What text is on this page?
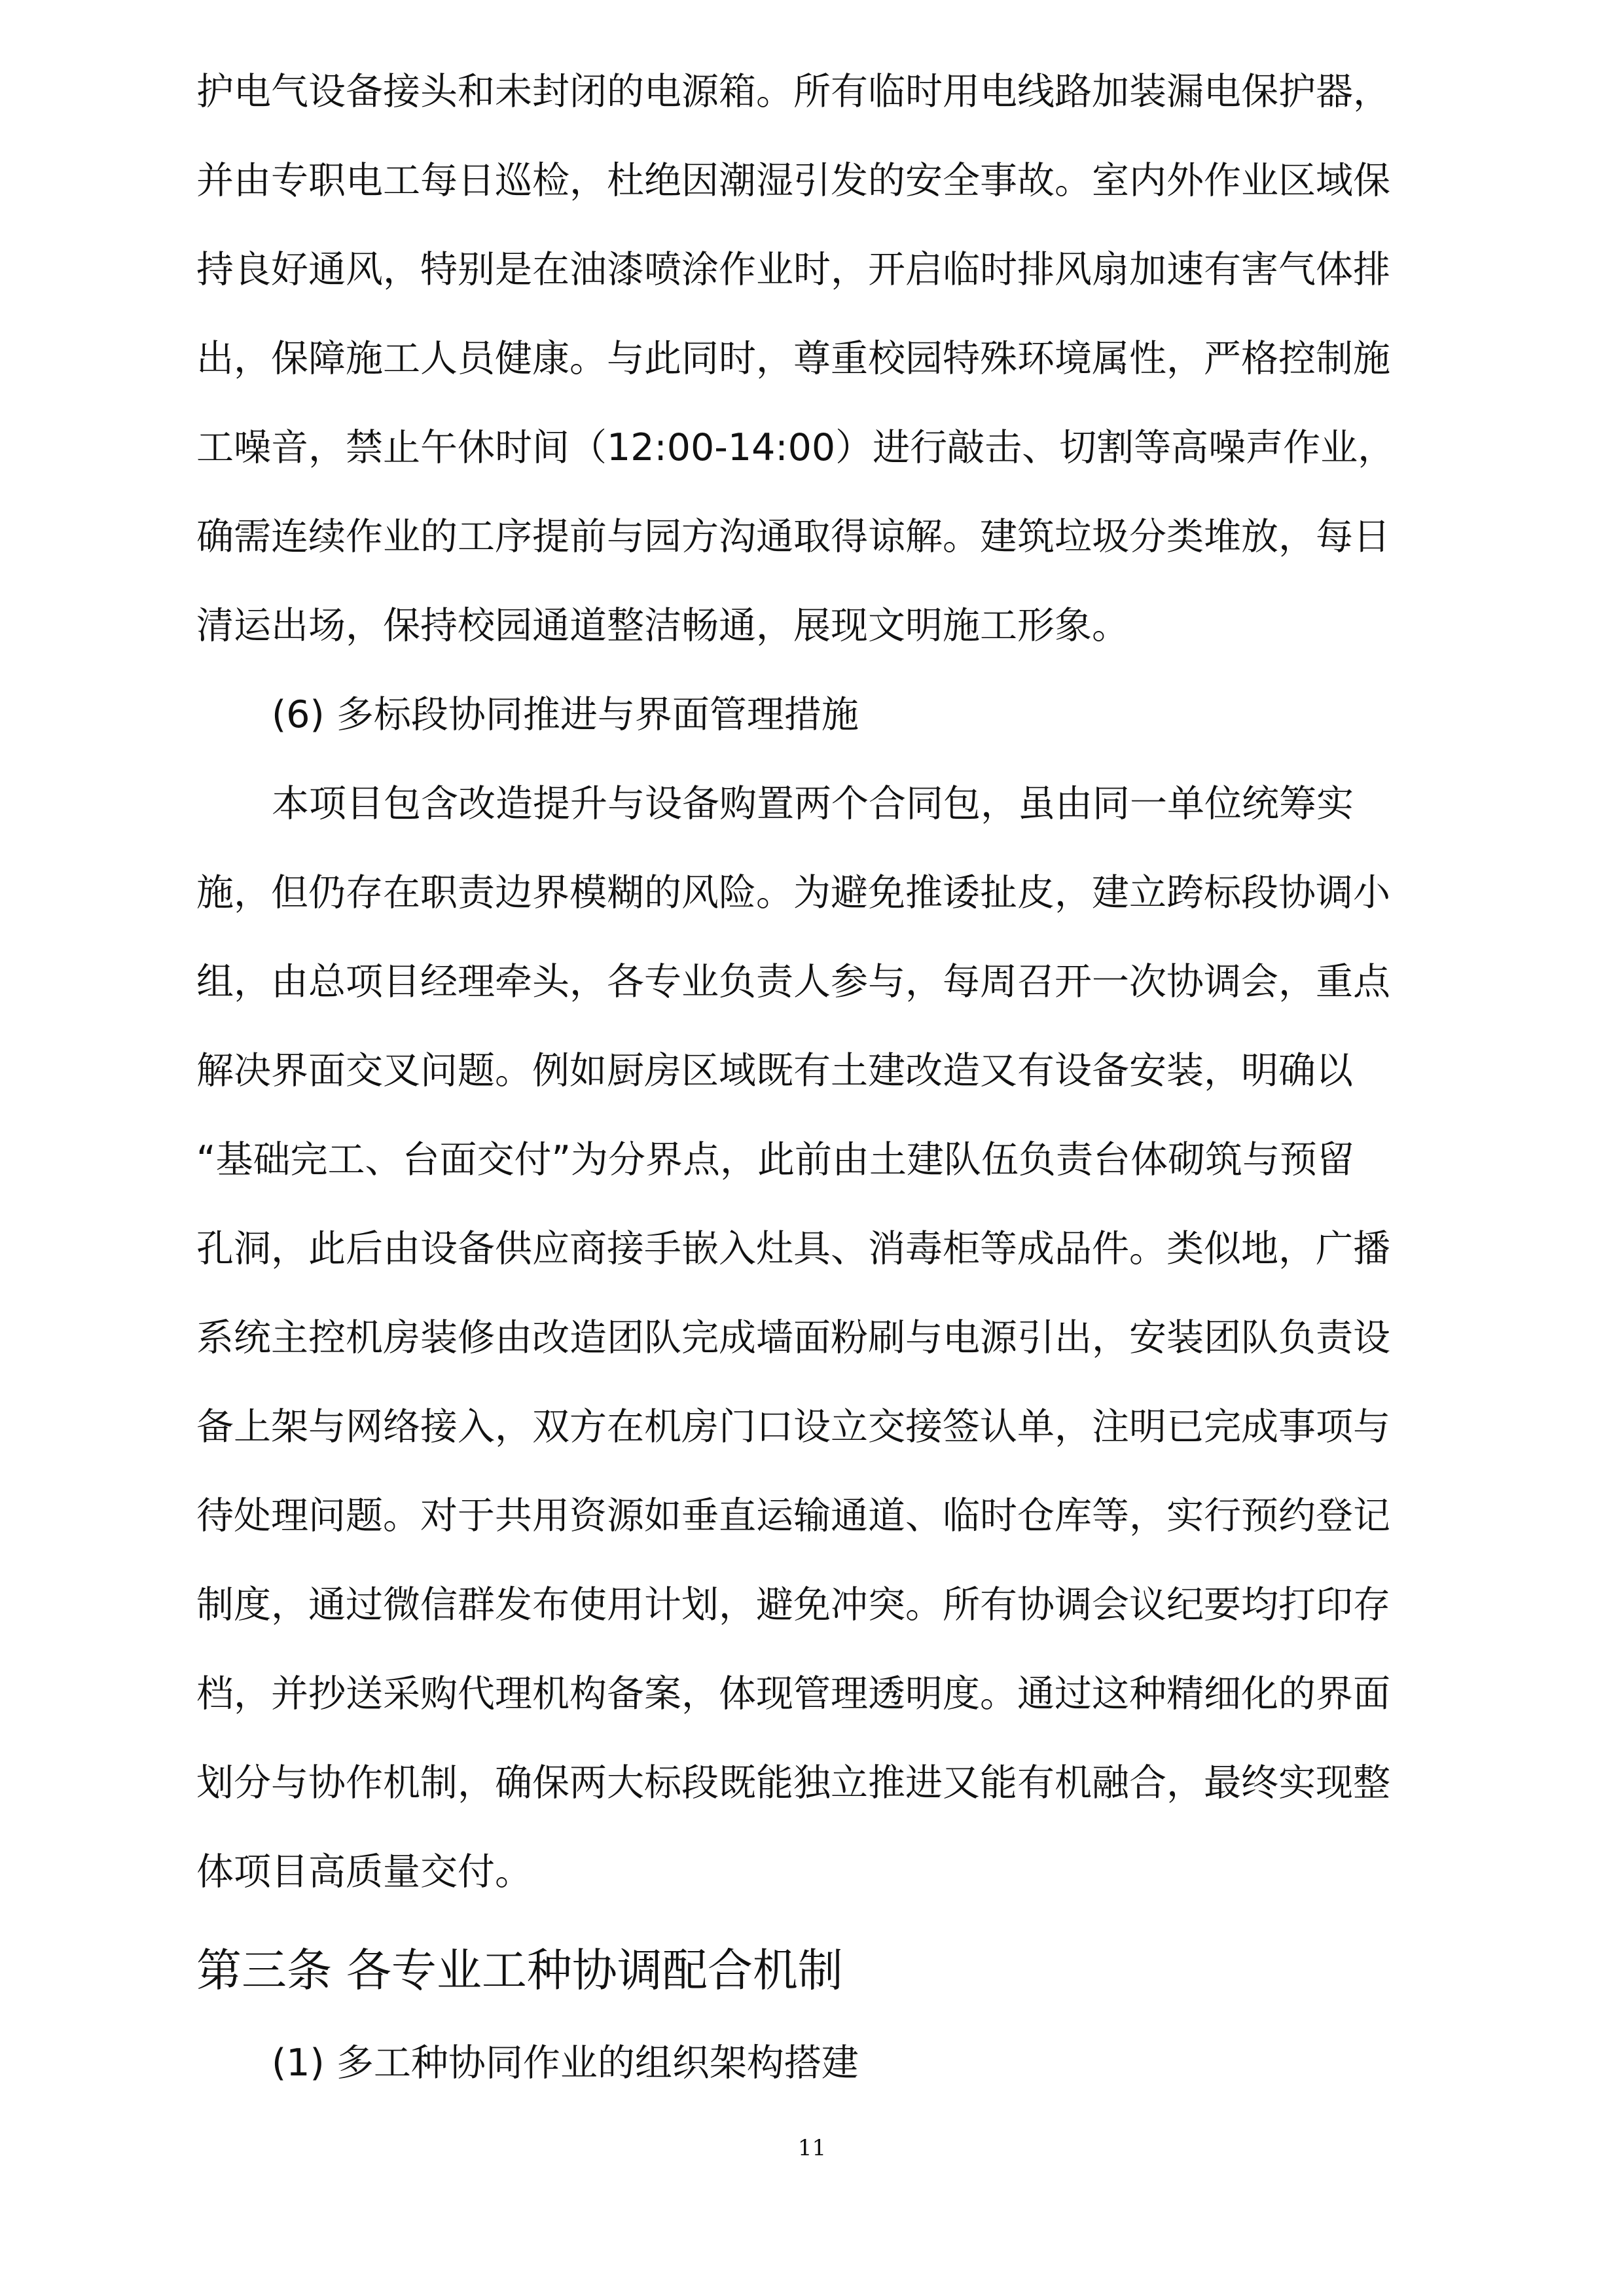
护电气设备接头和未封闭的电源箱。所有临时用电线路加装漏电保护器，

并由专职电工每日巡检，杜绝因潮湿引发的安全事故。室内外作业区域保

持良好通风，特别是在油漆喷涂作业时，开启临时排风扇加速有害气体排

出，保障施工人员健康。与此同时，尊重校园特殊环境属性，严格控制施

工噪音，禁止午休时间（12:00-14:00）进行敲击、切割等高噪声作业，

确需连续作业的工序提前与园方沟通取得谅解。建筑垃圾分类堆放，每日

清运出场，保持校园通道整洁畅通，展现文明施工形象。

(6) 多标段协同推进与界面管理措施

本项目包含改造提升与设备购置两个合同包，虽由同一单位统筹实

施，但仍存在职责边界模糊的风险。为避免推诿扯皮，建立跨标段协调小

组，由总项目经理牵头，各专业负责人参与，每周召开一次协调会，重点

解决界面交叉问题。例如厨房区域既有土建改造又有设备安装，明确以

“基础完工、台面交付”为分界点，此前由土建队伍负责台体砌筑与预留

孔洞，此后由设备供应商接手嵌入灶具、消毒柜等成品件。类似地，广播

系统主控机房装修由改造团队完成墙面粉刷与电源引出，安装团队负责设

备上架与网络接入，双方在机房门口设立交接签认单，注明已完成事项与

待处理问题。对于共用资源如垂直运输通道、临时仓库等，实行预约登记

制度，通过微信群发布使用计划，避免冲突。所有协调会议纪要均打印存

档，并抄送采购代理机构备案，体现管理透明度。通过这种精细化的界面

划分与协作机制，确保两大标段既能独立推进又能有机融合，最终实现整

体项目高质量交付。

11
第三条 各专业工种协调配合机制

(1) 多工种协同作业的组织架构搭建
